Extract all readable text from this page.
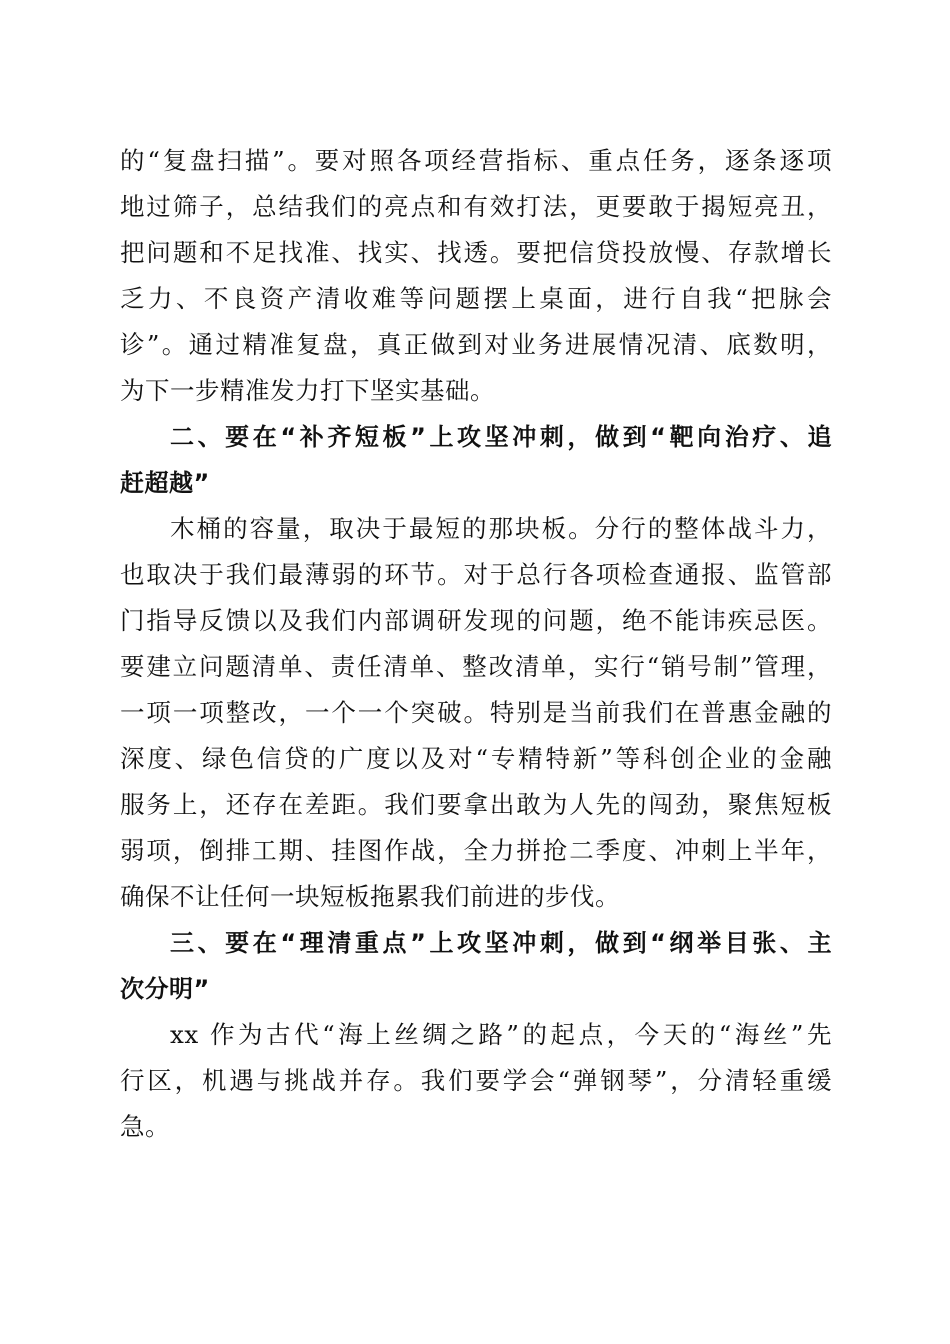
的“复盘扫描”。要对照各项经营指标、重点任务，逐条逐项
地过筛子，总结我们的亮点和有效打法，更要敢于揭短亮丑，
把问题和不足找准、找实、找透。要把信贷投放慢、存款增长
乏力、不良资产清收难等问题摆上桌面，进行自我“把脉会
诊”。通过精准复盘，真正做到对业务进展情况清、底数明，
为下一步精准发力打下坚实基础。
二、要在“补齐短板”上攻坚冲刺，做到“靶向治疗、追
赶超越”
木桶的容量，取决于最短的那块板。分行的整体战斗力，
也取决于我们最薄弱的环节。对于总行各项检查通报、监管部
门指导反馈以及我们内部调研发现的问题，绝不能讳疾忌医。
要建立问题清单、责任清单、整改清单，实行“销号制”管理，
一项一项整改，一个一个突破。特别是当前我们在普惠金融的
深度、绿色信贷的广度以及对“专精特新”等科创企业的金融
服务上，还存在差距。我们要拿出敢为人先的闯劲，聚焦短板
弱项，倒排工期、挂图作战，全力拼抢二季度、冲刺上半年，
确保不让任何一块短板拖累我们前进的步伐。
三、要在“理清重点”上攻坚冲刺，做到“纲举目张、主
次分明”
xx 作为古代“海上丝绸之路”的起点，今天的“海丝”先
行区，机遇与挑战并存。我们要学会“弹钢琴”，分清轻重缓
急。
